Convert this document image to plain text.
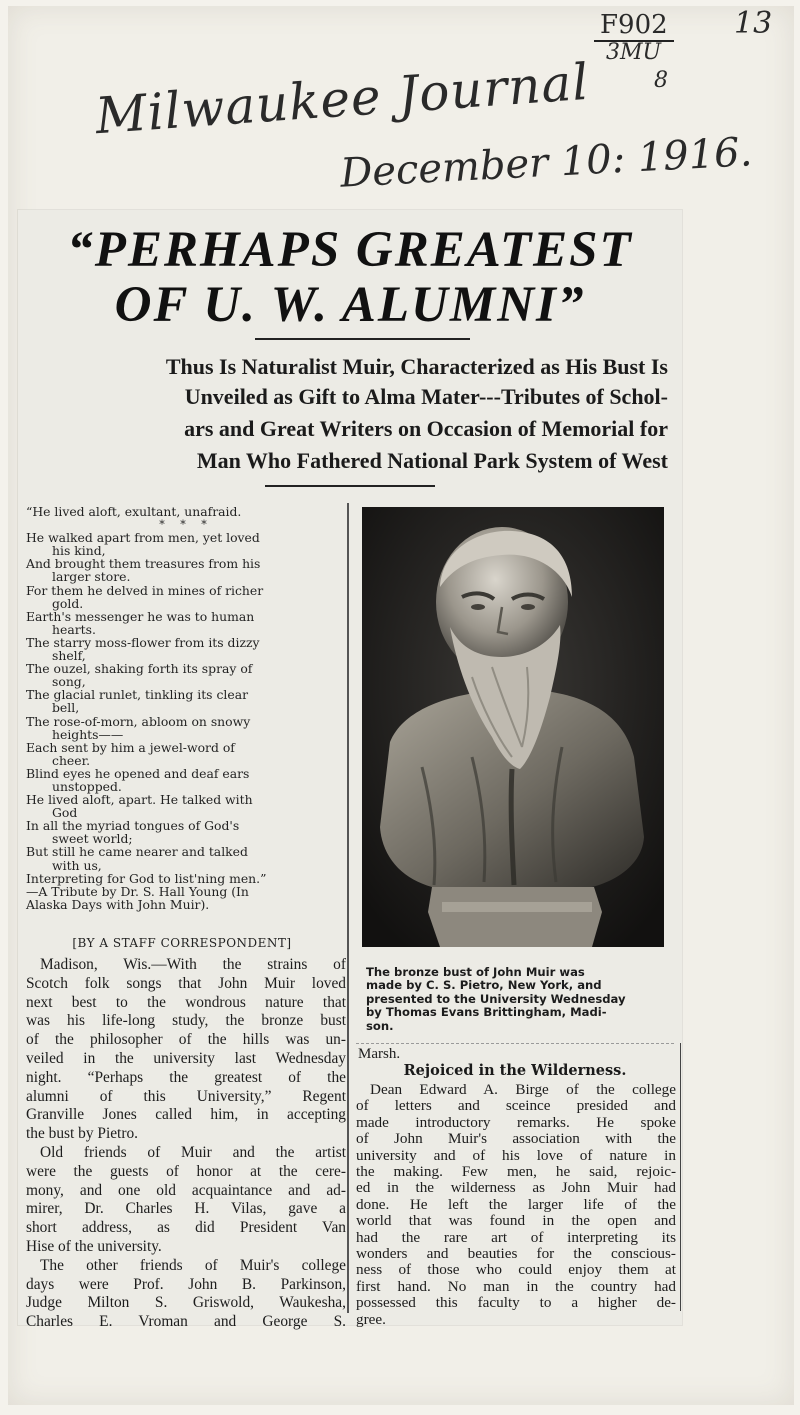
Milwaukee Journal
December 10: 1916.
F902
3MU
8
13
“PERHAPS GREATEST
OF U. W. ALUMNI”
Thus Is Naturalist Muir, Characterized as His Bust Is
Unveiled as Gift to Alma Mater---Tributes of Schol-
ars and Great Writers on Occasion of Memorial for
Man Who Fathered National Park System of West
“He lived aloft, exultant, unafraid.
* * *
He walked apart from men, yet loved
his kind,
And brought them treasures from his
larger store.
For them he delved in mines of richer
gold.
Earth's messenger he was to human
hearts.
The starry moss-flower from its dizzy
shelf,
The ouzel, shaking forth its spray of
song,
The glacial runlet, tinkling its clear
bell,
The rose-of-morn, abloom on snowy
heights——
Each sent by him a jewel-word of
cheer.
Blind eyes he opened and deaf ears
unstopped.
He lived aloft, apart. He talked with
God
In all the myriad tongues of God's
sweet world;
But still he came nearer and talked
with us,
Interpreting for God to list'ning men.”
—A Tribute by Dr. S. Hall Young (In
Alaska Days with John Muir).
[BY A STAFF CORRESPONDENT]
Madison, Wis.—With the strains of
Scotch folk songs that John Muir loved
next best to the wondrous nature that
was his life-long study, the bronze bust
of the philosopher of the hills was un-
veiled in the university last Wednesday
night. “Perhaps the greatest of the
alumni of this University,” Regent
Granville Jones called him, in accepting
the bust by Pietro.
Old friends of Muir and the artist
were the guests of honor at the cere-
mony, and one old acquaintance and ad-
mirer, Dr. Charles H. Vilas, gave a
short address, as did President Van
Hise of the university.
The other friends of Muir's college
days were Prof. John B. Parkinson,
Judge Milton S. Griswold, Waukesha,
Charles E. Vroman and George S.
The bronze bust of John Muir was
made by C. S. Pietro, New York, and
presented to the University Wednesday
by Thomas Evans Brittingham, Madi-
son.
Marsh.
Rejoiced in the Wilderness.
Dean Edward A. Birge of the college
of letters and sceince presided and
made introductory remarks. He spoke
of John Muir's association with the
university and of his love of nature in
the making. Few men, he said, rejoic-
ed in the wilderness as John Muir had
done. He left the larger life of the
world that was found in the open and
had the rare art of interpreting its
wonders and beauties for the conscious-
ness of those who could enjoy them at
first hand. No man in the country had
possessed this faculty to a higher de-
gree.
